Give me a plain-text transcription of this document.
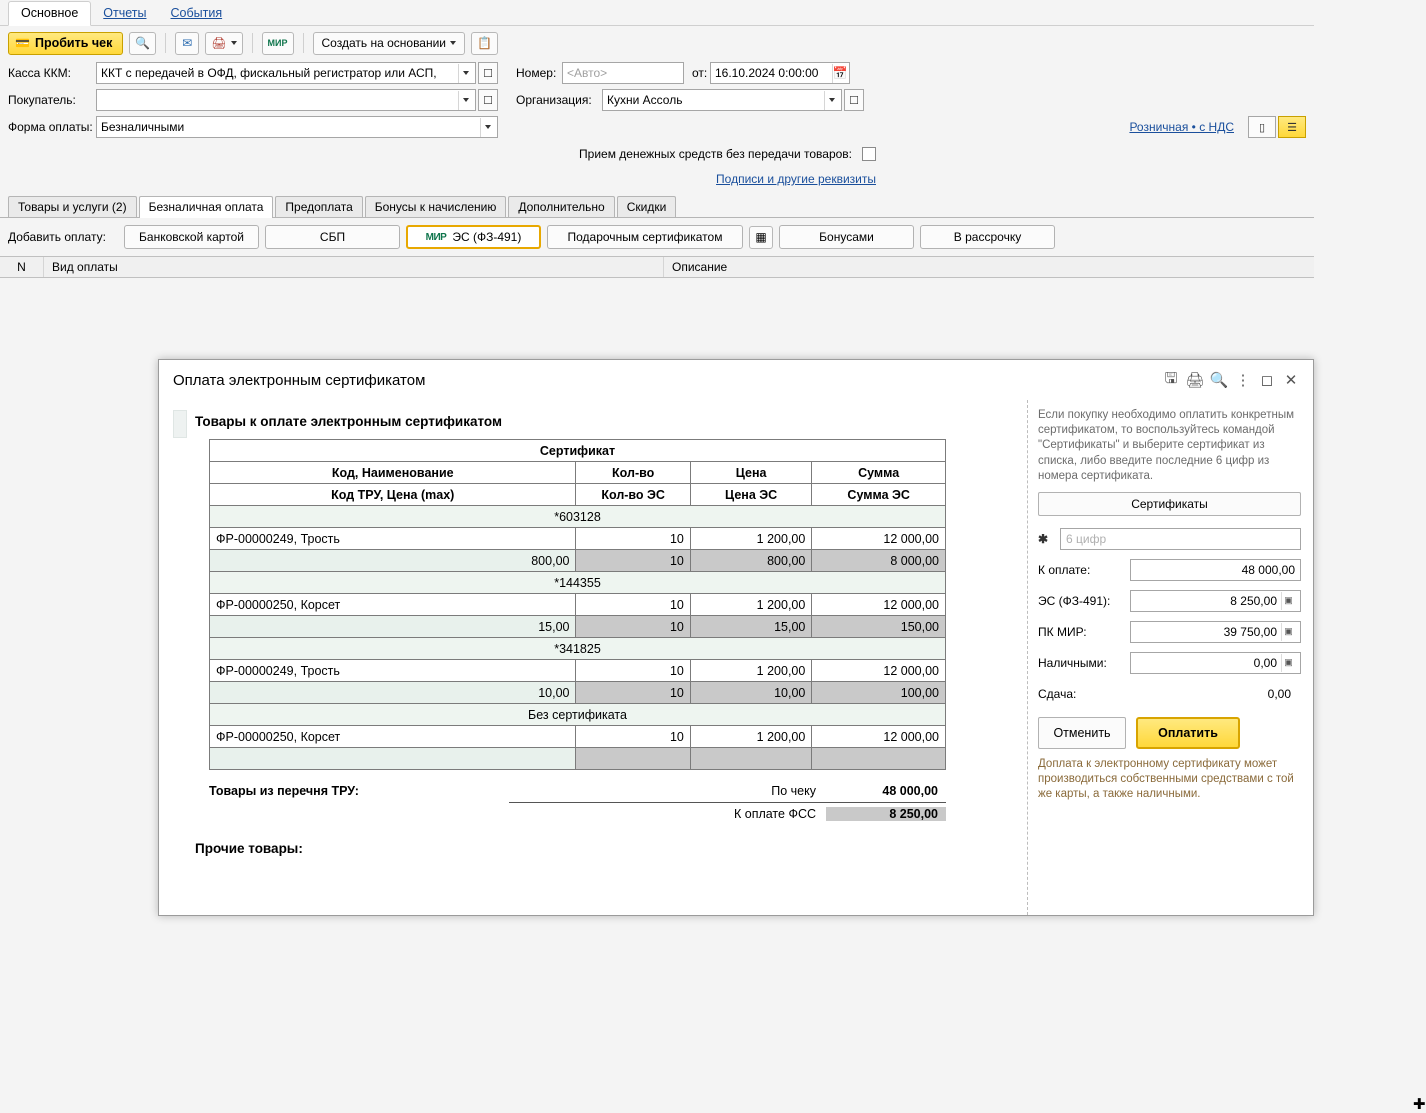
Основное	Отчеты	События
💳 Пробить чек 🔍	✉ 🖨	МИР	Создать на основании	📋
Касса ККМ:	ККТ с передачей в ОФД, фискальный регистратор или АСП,	☐	Номер: <Авто>	от: 16.10.2024 0:00:00	📅
Покупатель:	☐	Организация:	Кухни Ассоль	☐
Форма оплаты: Безналичными	Розничная • с НДС	▯	☰
Прием денежных средств без передачи товаров:
Подписи и другие реквизиты
Товары и услуги (2)	Безналичная оплата	Предоплата	Бонусы к начислению	Дополнительно	Скидки
Добавить оплату:	Банковской картой	СБП	МИР ЭС (ФЗ-491)	Подарочным сертификатом	▦	Бонусами	В рассрочку
N	Вид оплаты	Описание
Оплата электронным сертификатом	🖫 🖨 🔍 ⋮ ◻ ✕
Товары к оплате электронным сертификатом
Сертификат			
Код, Наименование	Кол-во	Цена	Сумма
Код ТРУ, Цена (max)	Кол-во ЭС	Цена ЭС	Сумма ЭС
*603128			
ФР-00000249, Трость	10	1 200,00	12 000,00
800,00	10	800,00	8 000,00
*144355			
ФР-00000250, Корсет	10	1 200,00	12 000,00
15,00	10	15,00	150,00
*341825			
ФР-00000249, Трость	10	1 200,00	12 000,00
10,00	10	10,00	100,00
Без сертификата			
ФР-00000250, Корсет	10	1 200,00	12 000,00

Товары из перечня ТРУ:	По чеку	48 000,00
К оплате ФСС	8 250,00
Прочие товары:
Если покупку необходимо оплатить конкретным сертификатом, то воспользуйтесь командой "Сертификаты" и выберите сертификат из списка, либо введите последние 6 цифр из номера сертификата.
Сертификаты
✱ 6 цифр
К оплате:	48 000,00
ЭС (ФЗ-491):	8 250,00 ▣
ПК МИР:	39 750,00 ▣
Наличными:	0,00 ▣
Сдача:	0,00
Отменить	Оплатить
Доплата к электронному сертификату может производиться собственными средствами с той же карты, а также наличными.
✚
